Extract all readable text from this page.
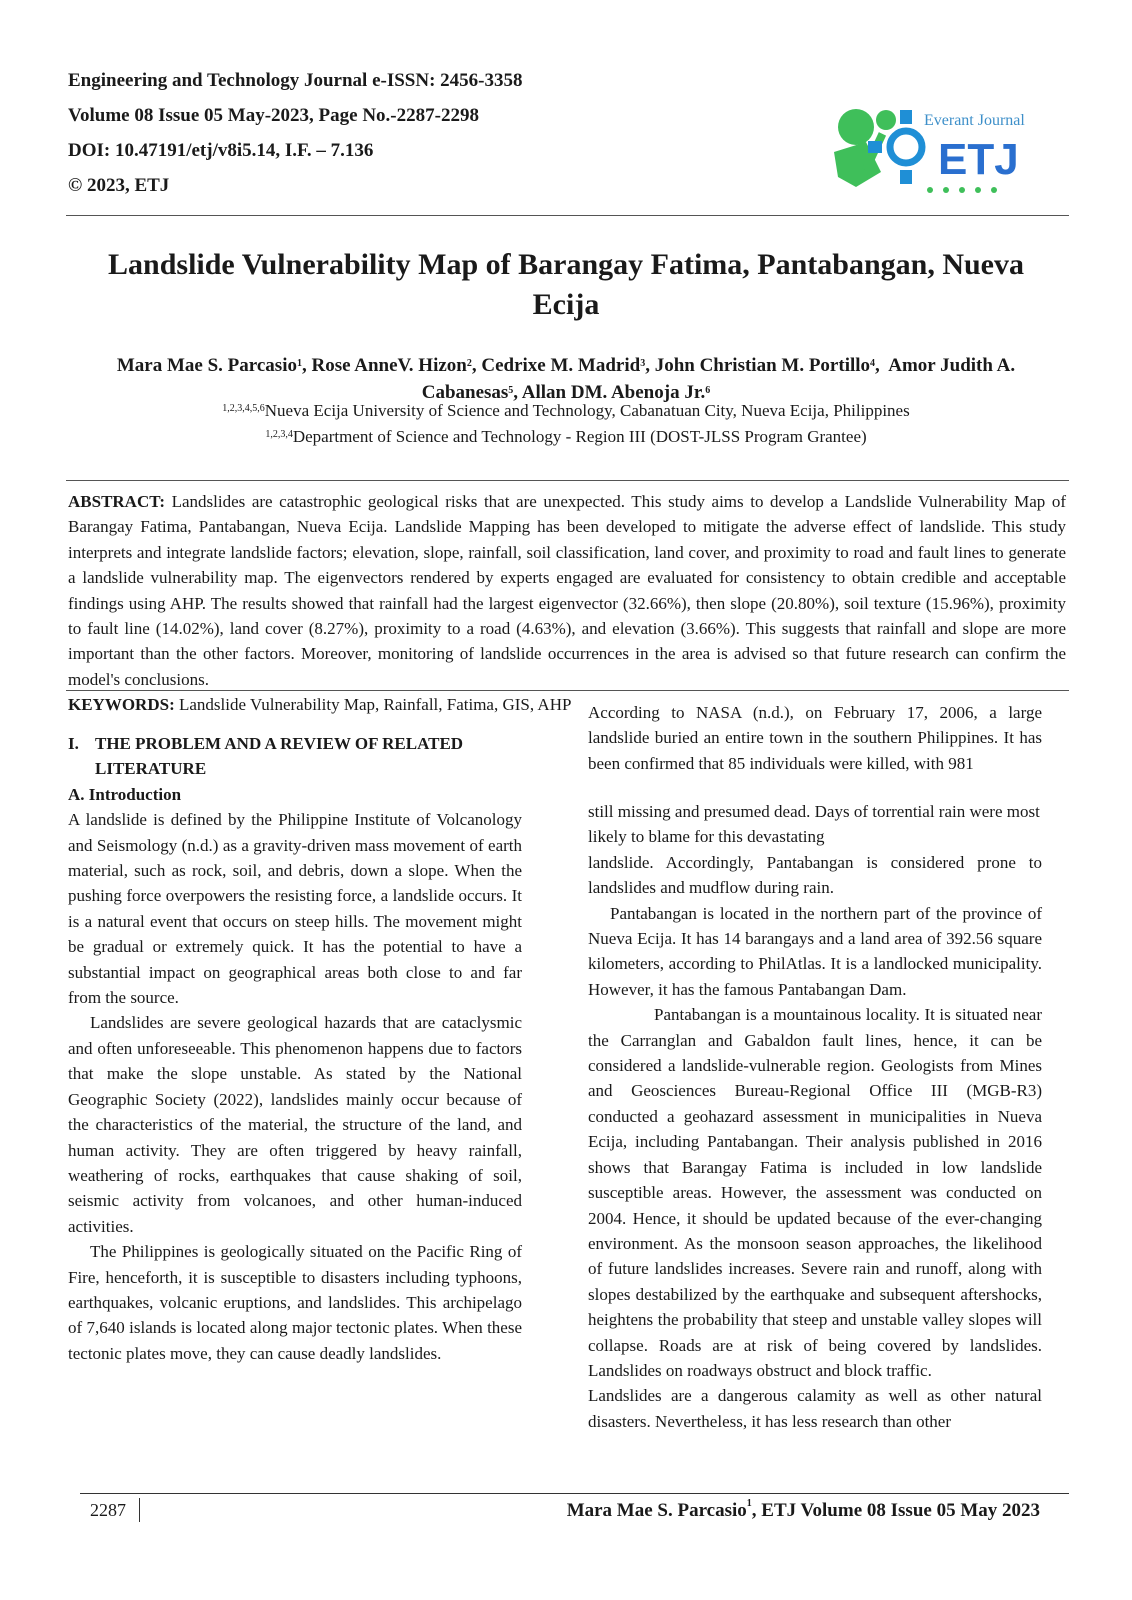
Engineering and Technology Journal e-ISSN: 2456-3358
Volume 08 Issue 05 May-2023, Page No.-2287-2298
DOI: 10.47191/etj/v8i5.14, I.F. – 7.136
© 2023, ETJ
Everant Journal
ETJ
Landslide Vulnerability Map of Barangay Fatima, Pantabangan, Nueva Ecija
Mara Mae S. Parcasio$^1$, Rose AnneV. Hizon$^2$, Cedrixe M. Madrid$^3$, John Christian M. Portillo$^4$,  Amor Judith A. Cabanesas$^5$, Allan DM. Abenoja Jr.$^6$
$^{1,2,3,4,5,6}$Nueva Ecija University of Science and Technology, Cabanatuan City, Nueva Ecija, Philippines
$^{1,2,3,4}$Department of Science and Technology - Region III (DOST-JLSS Program Grantee)
ABSTRACT: Landslides are catastrophic geological risks that are unexpected. This study aims to develop a Landslide Vulnerability Map of Barangay Fatima, Pantabangan, Nueva Ecija. Landslide Mapping has been developed to mitigate the adverse effect of landslide. This study interprets and integrate landslide factors; elevation, slope, rainfall, soil classification, land cover, and proximity to road and fault lines to generate a landslide vulnerability map. The eigenvectors rendered by experts engaged are evaluated for consistency to obtain credible and acceptable findings using AHP. The results showed that rainfall had the largest eigenvector (32.66%), then slope (20.80%), soil texture (15.96%), proximity to fault line (14.02%), land cover (8.27%), proximity to a road (4.63%), and elevation (3.66%). This suggests that rainfall and slope are more important than the other factors. Moreover, monitoring of landslide occurrences in the area is advised so that future research can confirm the model's conclusions.
KEYWORDS: Landslide Vulnerability Map, Rainfall, Fatima, GIS, AHP
I. THE PROBLEM AND A REVIEW OF RELATED LITERATURE
A. Introduction

A landslide is defined by the Philippine Institute of Volcanology and Seismology (n.d.) as a gravity-driven mass movement of earth material, such as rock, soil, and debris, down a slope. When the pushing force overpowers the resisting force, a landslide occurs. It is a natural event that occurs on steep hills. The movement might be gradual or extremely quick. It has the potential to have a substantial impact on geographical areas both close to and far from the source.

Landslides are severe geological hazards that are cataclysmic and often unforeseeable. This phenomenon happens due to factors that make the slope unstable. As stated by the National Geographic Society (2022), landslides mainly occur because of the characteristics of the material, the structure of the land, and human activity. They are often triggered by heavy rainfall, weathering of rocks, earthquakes that cause shaking of soil, seismic activity from volcanoes, and other human-induced activities.

The Philippines is geologically situated on the Pacific Ring of Fire, henceforth, it is susceptible to disasters including typhoons, earthquakes, volcanic eruptions, and landslides. This archipelago of 7,640 islands is located along major tectonic plates. When these tectonic plates move, they can cause deadly landslides.

According to NASA (n.d.), on February 17, 2006, a large landslide buried an entire town in the southern Philippines. It has been confirmed that 85 individuals were killed, with 981

still missing and presumed dead. Days of torrential rain were most likely to blame for this devastating

landslide. Accordingly, Pantabangan is considered prone to landslides and mudflow during rain.

Pantabangan is located in the northern part of the province of Nueva Ecija. It has 14 barangays and a land area of 392.56 square kilometers, according to PhilAtlas. It is a landlocked municipality. However, it has the famous Pantabangan Dam.

Pantabangan is a mountainous locality. It is situated near the Carranglan and Gabaldon fault lines, hence, it can be considered a landslide-vulnerable region. Geologists from Mines and Geosciences Bureau-Regional Office III (MGB-R3) conducted a geohazard assessment in municipalities in Nueva Ecija, including Pantabangan. Their analysis published in 2016 shows that Barangay Fatima is included in low landslide susceptible areas. However, the assessment was conducted on 2004. Hence, it should be updated because of the ever-changing environment. As the monsoon season approaches, the likelihood of future landslides increases. Severe rain and runoff, along with slopes destabilized by the earthquake and subsequent aftershocks, heightens the probability that steep and unstable valley slopes will collapse. Roads are at risk of being covered by landslides. Landslides on roadways obstruct and block traffic.

Landslides are a dangerous calamity as well as other natural disasters. Nevertheless, it has less research than other

2287	Mara Mae S. Parcasio$^1$, ETJ Volume 08 Issue 05 May 2023
